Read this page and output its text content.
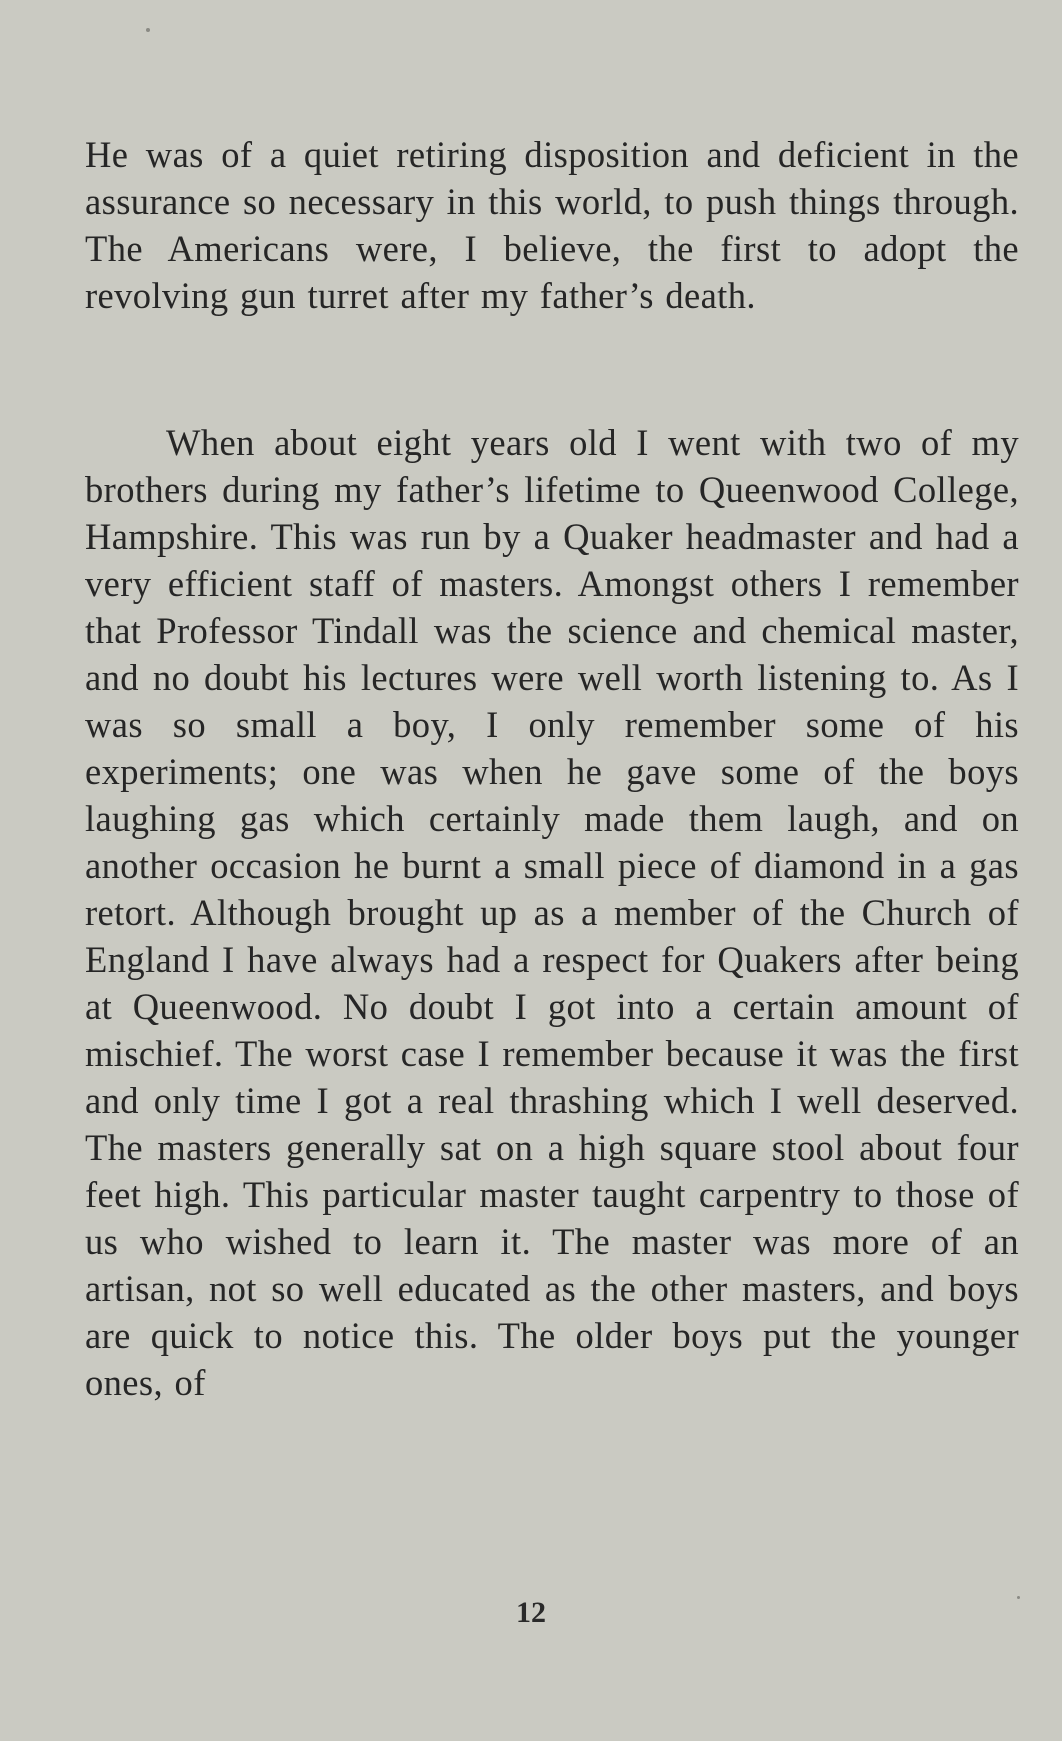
He was of a quiet retiring disposition and deficient in the assurance so necessary in this world, to push things through. The Americans were, I believe, the first to adopt the revolving gun turret after my father’s death.

When about eight years old I went with two of my brothers during my father’s lifetime to Queenwood College, Hampshire. This was run by a Quaker headmaster and had a very efficient staff of masters. Amongst others I remember that Professor Tindall was the science and chemical master, and no doubt his lectures were well worth listening to. As I was so small a boy, I only remember some of his experiments; one was when he gave some of the boys laughing gas which certainly made them laugh, and on another occasion he burnt a small piece of diamond in a gas retort. Although brought up as a member of the Church of England I have always had a respect for Quakers after being at Queenwood. No doubt I got into a certain amount of mischief. The worst case I remember because it was the first and only time I got a real thrashing which I well deserved. The masters generally sat on a high square stool about four feet high. This particular master taught carpentry to those of us who wished to learn it. The master was more of an artisan, not so well educated as the other masters, and boys are quick to notice this. The older boys put the younger ones, of

12
